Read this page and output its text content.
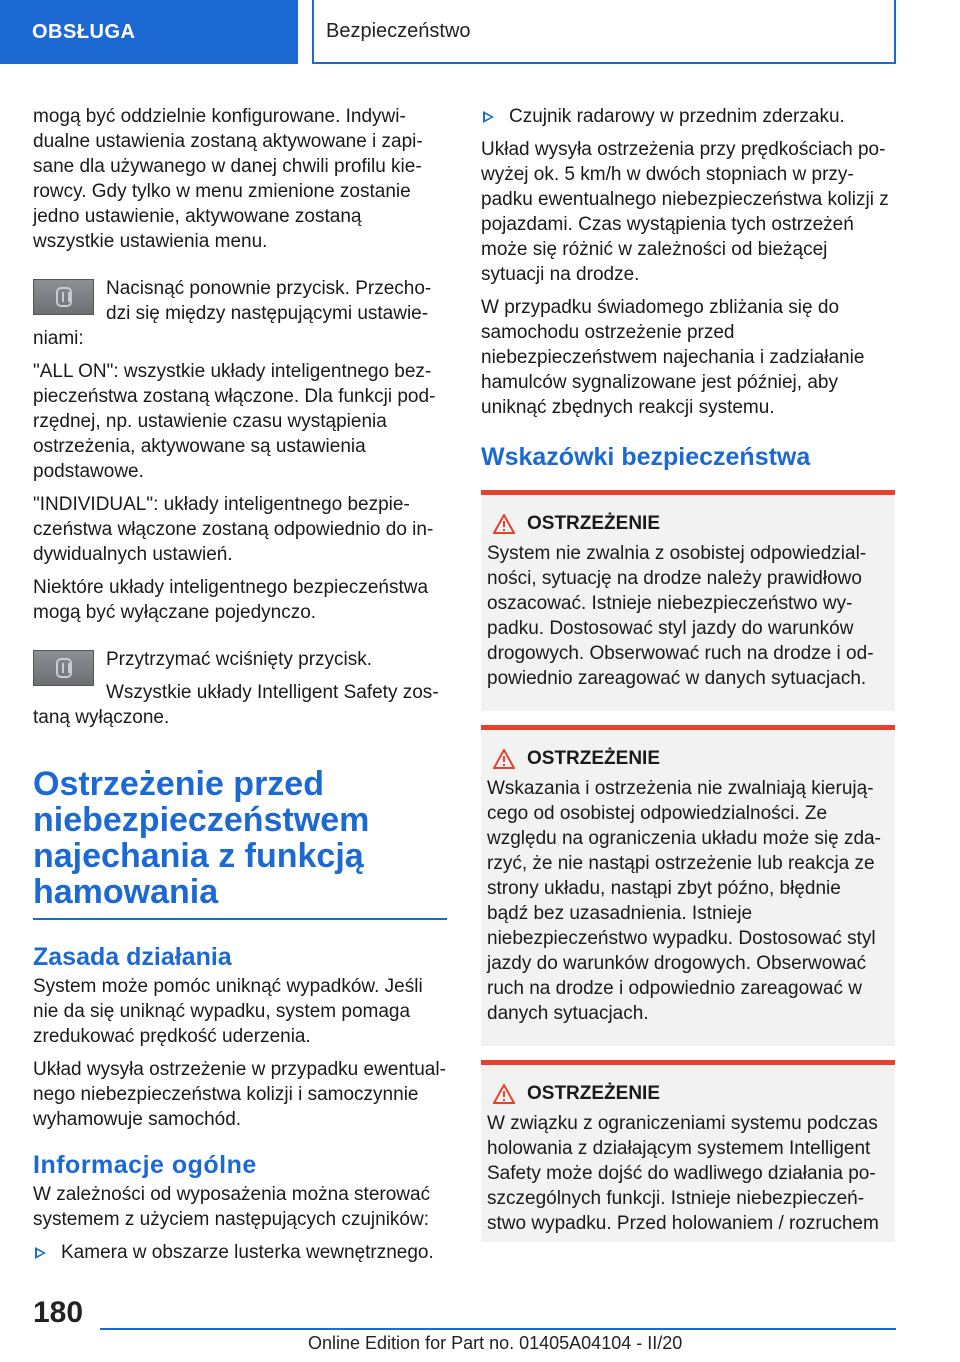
OBSŁUGA	Bezpieczeństwo

mogą być oddzielnie konfigurowane. Indywidualne ustawienia zostaną aktywowane i zapisane dla używanego w danej chwili profilu kierowcy. Gdy tylko w menu zmienione zostanie jedno ustawienie, aktywowane zostaną wszystkie ustawienia menu.

Nacisnąć ponownie przycisk. Przechodzi się między następującymi ustawieniami:

"ALL ON": wszystkie układy inteligentnego bezpieczeństwa zostaną włączone. Dla funkcji podrzędnej, np. ustawienie czasu wystąpienia ostrzeżenia, aktywowane są ustawienia podstawowe.

"INDIVIDUAL": układy inteligentnego bezpieczeństwa włączone zostaną odpowiednio do indywidualnych ustawień.

Niektóre układy inteligentnego bezpieczeństwa mogą być wyłączane pojedynczo.

Przytrzymać wciśnięty przycisk.

Wszystkie układy Intelligent Safety zostaną wyłączone.

Ostrzeżenie przed niebezpieczeństwem najechania z funkcją hamowania
Zasada działania

System może pomóc uniknąć wypadków. Jeśli nie da się uniknąć wypadku, system pomaga zredukować prędkość uderzenia.

Układ wysyła ostrzeżenie w przypadku ewentualnego niebezpieczeństwa kolizji i samoczynnie wyhamowuje samochód.

Informacje ogólne

W zależności od wyposażenia można sterować systemem z użyciem następujących czujników:

Kamera w obszarze lusterka wewnętrznego.

Czujnik radarowy w przednim zderzaku.

Układ wysyła ostrzeżenia przy prędkościach powyżej ok. 5 km/h w dwóch stopniach w przypadku ewentualnego niebezpieczeństwa kolizji z pojazdami. Czas wystąpienia tych ostrzeżeń może się różnić w zależności od bieżącej sytuacji na drodze.

W przypadku świadomego zbliżania się do samochodu ostrzeżenie przed niebezpieczeństwem najechania i zadziałanie hamulców sygnalizowane jest później, aby uniknąć zbędnych reakcji systemu.

Wskazówki bezpieczeństwa
OSTRZEŻENIE

System nie zwalnia z osobistej odpowiedzialności, sytuację na drodze należy prawidłowo oszacować. Istnieje niebezpieczeństwo wypadku. Dostosować styl jazdy do warunków drogowych. Obserwować ruch na drodze i odpowiednio zareagować w danych sytuacjach.

OSTRZEŻENIE

Wskazania i ostrzeżenia nie zwalniają kierującego od osobistej odpowiedzialności. Ze względu na ograniczenia układu może się zdarzyć, że nie nastąpi ostrzeżenie lub reakcja ze strony układu, nastąpi zbyt późno, błędnie bądź bez uzasadnienia. Istnieje niebezpieczeństwo wypadku. Dostosować styl jazdy do warunków drogowych. Obserwować ruch na drodze i odpowiednio zareagować w danych sytuacjach.

OSTRZEŻENIE

W związku z ograniczeniami systemu podczas holowania z działającym systemem Intelligent Safety może dojść do wadliwego działania poszczególnych funkcji. Istnieje niebezpieczeństwo wypadku. Przed holowaniem / rozruchem

180
Online Edition for Part no. 01405A04104 - II/20
